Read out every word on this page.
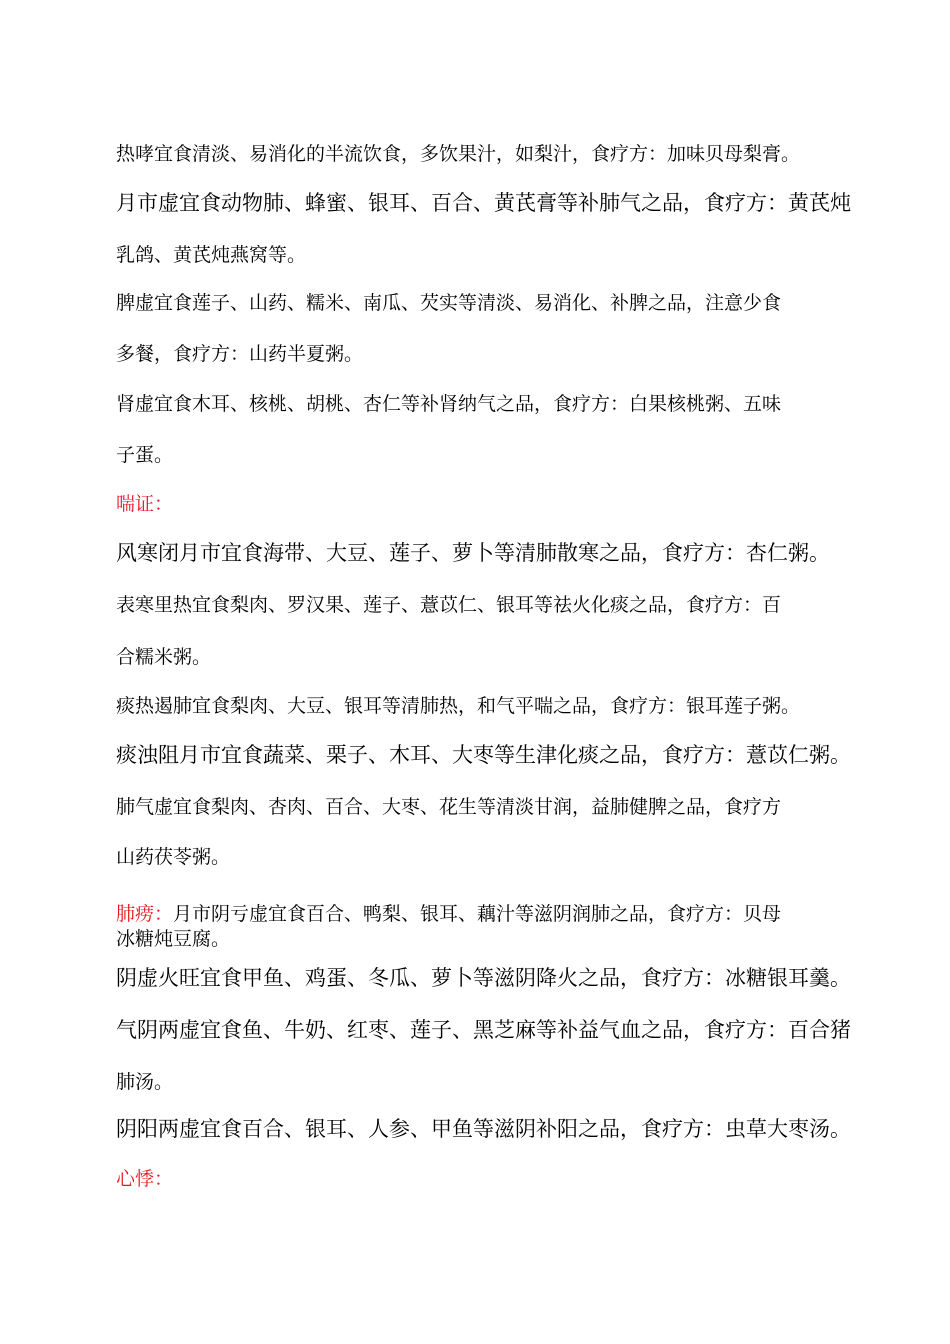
热哮宜食清淡、易消化的半流饮食，多饮果汁，如梨汁，食疗方：加味贝母梨膏。
月市虚宜食动物肺、蜂蜜、银耳、百合、黄芪膏等补肺气之品，食疗方：黄芪炖
乳鸽、黄芪炖燕窝等。
脾虚宜食莲子、山药、糯米、南瓜、芡实等清淡、易消化、补脾之品，注意少食
多餐，食疗方：山药半夏粥。
肾虚宜食木耳、核桃、胡桃、杏仁等补肾纳气之品，食疗方：白果核桃粥、五味
子蛋。
喘证：
风寒闭月市宜食海带、大豆、莲子、萝卜等清肺散寒之品，食疗方：杏仁粥。
表寒里热宜食梨肉、罗汉果、莲子、薏苡仁、银耳等祛火化痰之品，食疗方：百
合糯米粥。
痰热遏肺宜食梨肉、大豆、银耳等清肺热，和气平喘之品，食疗方：银耳莲子粥。
痰浊阻月市宜食蔬菜、栗子、木耳、大枣等生津化痰之品，食疗方：薏苡仁粥。
肺气虚宜食梨肉、杏肉、百合、大枣、花生等清淡甘润，益肺健脾之品，食疗方
山药茯苓粥。
肺痨：月市阴亏虚宜食百合、鸭梨、银耳、藕汁等滋阴润肺之品，食疗方：贝母
冰糖炖豆腐。
阴虚火旺宜食甲鱼、鸡蛋、冬瓜、萝卜等滋阴降火之品，食疗方：冰糖银耳羹。
气阴两虚宜食鱼、牛奶、红枣、莲子、黑芝麻等补益气血之品，食疗方：百合猪
肺汤。
阴阳两虚宜食百合、银耳、人参、甲鱼等滋阴补阳之品，食疗方：虫草大枣汤。
心悸：
